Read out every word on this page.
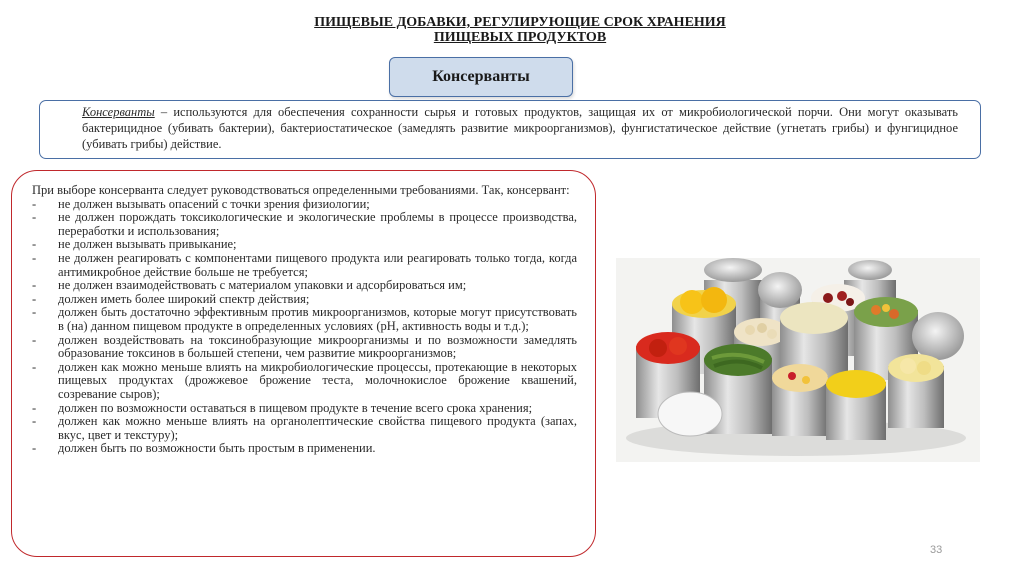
ПИЩЕВЫЕ ДОБАВКИ, РЕГУЛИРУЮЩИЕ СРОК ХРАНЕНИЯ
ПИЩЕВЫХ ПРОДУКТОВ
Консерванты
Консерванты – используются для обеспечения сохранности сырья и готовых продуктов, защищая их от микробиологической порчи. Они могут оказывать бактерицидное (убивать бактерии), бактериостатическое (замедлять развитие микроорганизмов), фунгистатическое действие (угнетать грибы) и фунгицидное (убивать грибы) действие.
При выборе консерванта следует руководствоваться определенными требованиями. Так, консервант:
- не должен вызывать опасений с точки зрения физиологии;
- не должен порождать токсикологические и экологические проблемы в процессе производства, переработки и использования;
- не должен вызывать привыкание;
- не должен реагировать с компонентами пищевого продукта или реагировать только тогда, когда антимикробное действие больше не требуется;
- не должен взаимодействовать с материалом упаковки и адсорбироваться им;
- должен иметь более широкий спектр действия;
- должен быть достаточно эффективным против микроорганизмов, которые могут присутствовать в (на) данном пищевом продукте в определенных условиях (рН, активность воды и т.д.);
- должен воздействовать на токсинобразующие микроорганизмы и по возможности замедлять образование токсинов в большей степени, чем развитие микроорганизмов;
- должен как можно меньше влиять на микробиологические процессы, протекающие в некоторых пищевых продуктах (дрожжевое брожение теста, молочнокислое брожение квашений, созревание сыров);
- должен по возможности оставаться в пищевом продукте в течение всего срока хранения;
- должен как можно меньше влиять на органолептические свойства пищевого продукта (запах, вкус, цвет и текстуру);
- должен быть по возможности быть простым в применении.
33
